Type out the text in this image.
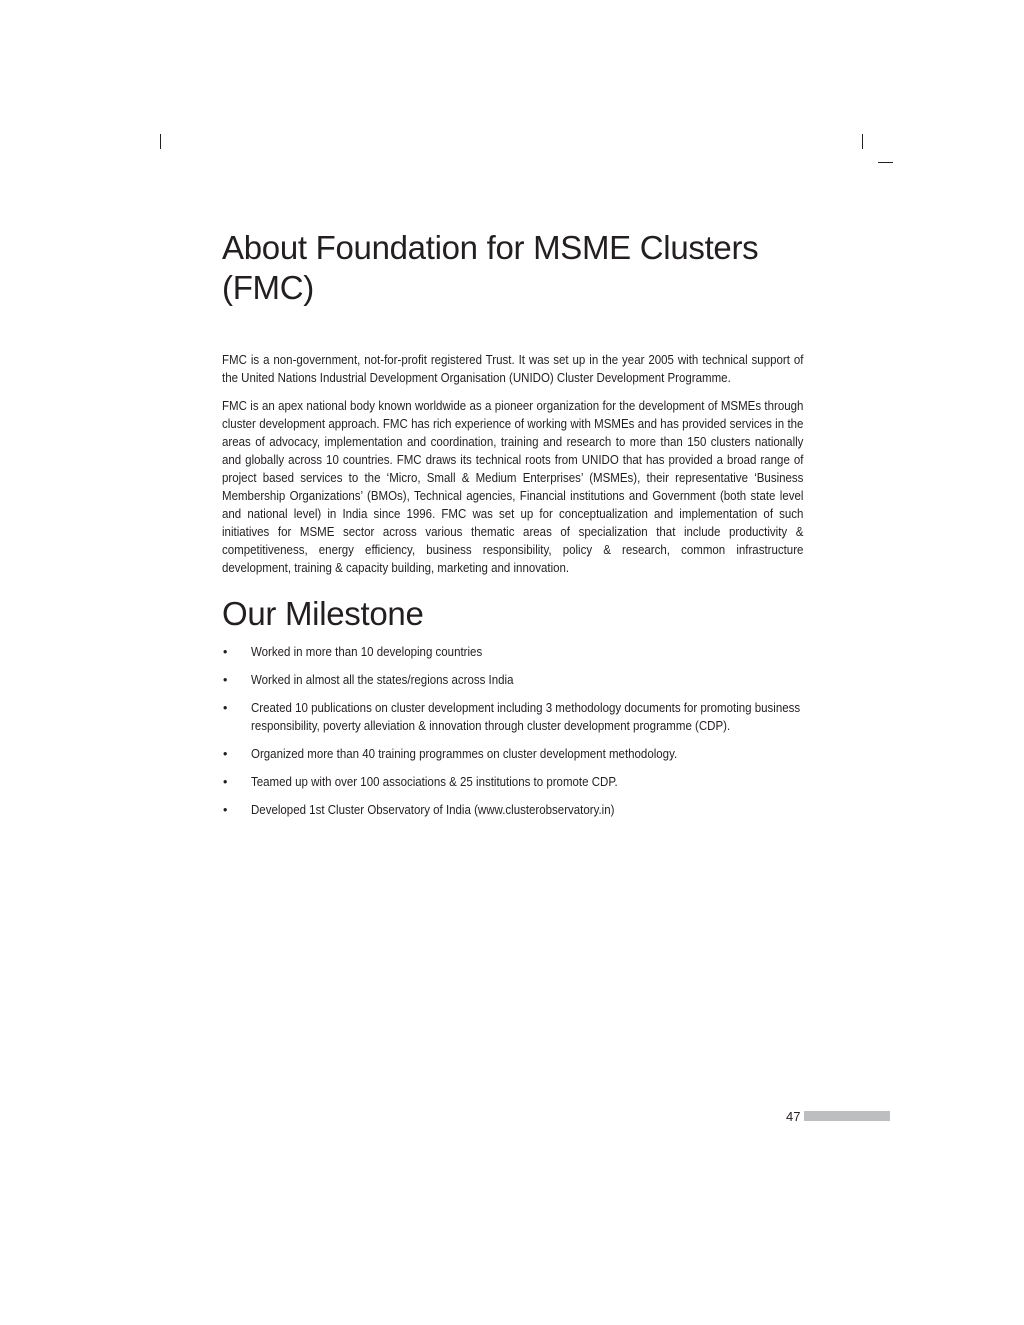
About Foundation for MSME Clusters
(FMC)

FMC is a non-government, not-for-profit registered Trust. It was set up in the year 2005 with technical support of the United Nations Industrial Development Organisation (UNIDO) Cluster Development Programme.

FMC is an apex national body known worldwide as a pioneer organization for the development of MSMEs through cluster development approach. FMC has rich experience of working with MSMEs and has provided services in the areas of advocacy, implementation and coordination, training and research to more than 150 clusters nationally and globally across 10 countries. FMC draws its technical roots from UNIDO that has provided a broad range of project based services to the ‘Micro, Small & Medium Enterprises’ (MSMEs), their representative ‘Business Membership Organizations’ (BMOs), Technical agencies, Financial institutions and Government (both state level and national level) in India since 1996. FMC was set up for conceptualization and implementation of such initiatives for MSME sector across various thematic areas of specialization that include productivity & competitiveness, energy efficiency, business responsibility, policy & research, common infrastructure development, training & capacity building, marketing and innovation.

Our Milestone
• Worked in more than 10 developing countries
• Worked in almost all the states/regions across India
• Created 10 publications on cluster development including 3 methodology documents for promoting business responsibility, poverty alleviation & innovation through cluster development programme (CDP).
• Organized more than 40 training programmes on cluster development methodology.
• Teamed up with over 100 associations & 25 institutions to promote CDP.
• Developed 1st Cluster Observatory of India (www.clusterobservatory.in)
47
